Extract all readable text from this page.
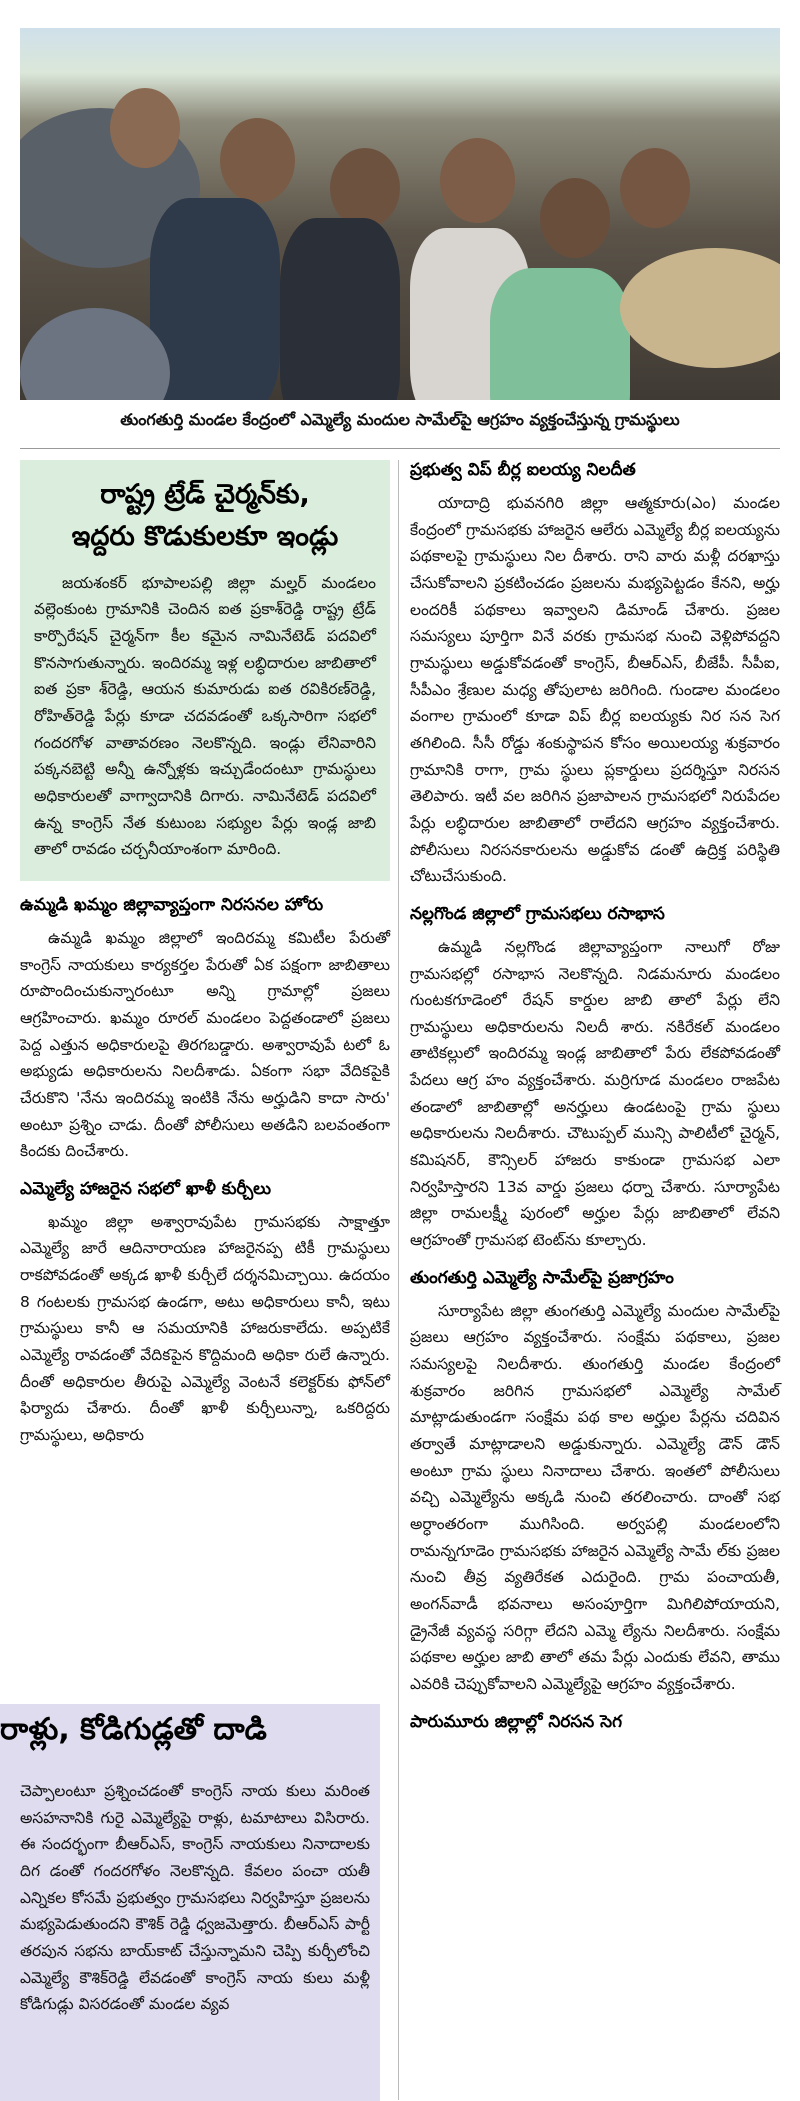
తుంగతుర్తి మండల కేంద్రంలో ఎమ్మెల్యే మందుల సామేల్‌పై ఆగ్రహం వ్యక్తంచేస్తున్న గ్రామస్థులు
రాష్ట్ర ట్రేడ్ చైర్మన్‌కు,
ఇద్దరు కొడుకులకూ ఇండ్లు

జయశంకర్ భూపాలపల్లి జిల్లా మల్హర్ మండలం వల్లెంకుంట గ్రామానికి చెందిన ఐత ప్రకాశ్‌రెడ్డి రాష్ట్ర ట్రేడ్ కార్పొరేషన్ చైర్మన్‌గా కీల కమైన నామినేటెడ్ పదవిలో కొనసాగుతున్నారు. ఇందిరమ్మ ఇళ్ల లబ్ధిదారుల జాబితాలో ఐత ప్రకా శ్‌రెడ్డి, ఆయన కుమారుడు ఐత రవికిరణ్‌రెడ్డి, రోహిత్‌రెడ్డి పేర్లు కూడా చదవడంతో ఒక్కసారిగా సభలో గందరగోళ వాతావరణం నెలకొన్నది. ఇండ్లు లేనివారిని పక్కనబెట్టి అన్నీ ఉన్నోళ్లకు ఇచ్చుడేందంటూ గ్రామస్థులు అధికారులతో వాగ్వాదానికి దిగారు. నామినేటెడ్ పదవిలో ఉన్న కాంగ్రెస్ నేత కుటుంబ సభ్యుల పేర్లు ఇండ్ల జాబి తాలో రావడం చర్చనీయాంశంగా మారింది.

ఉమ్మడి ఖమ్మం జిల్లావ్యాప్తంగా నిరసనల హోరు

ఉమ్మడి ఖమ్మం జిల్లాలో ఇందిరమ్మ కమిటీల పేరుతో కాంగ్రెస్ నాయకులు కార్యకర్తల పేరుతో ఏక పక్షంగా జాబితాలు రూపొందించుకున్నారంటూ అన్ని గ్రామాల్లో ప్రజలు ఆగ్రహించారు. ఖమ్మం రూరల్ మండలం పెద్దతండాలో ప్రజలు పెద్ద ఎత్తున అధికారులపై తిరగబడ్డారు. అశ్వారావుపే టలో ఓ అభ్యుడు అధికారులను నిలదీశాడు. ఏకంగా సభా వేదికపైకి చేరుకొని 'నేను ఇందిరమ్మ ఇంటికి నేను అర్హుడిని కాదా సారు' అంటూ ప్రశ్నిం చాడు. దీంతో పోలీసులు అతడిని బలవంతంగా కిందకు దించేశారు.

ఎమ్మెల్యే హాజరైన సభలో ఖాళీ కుర్చీలు

ఖమ్మం జిల్లా అశ్వారావుపేట గ్రామసభకు సాక్షాత్తూ ఎమ్మెల్యే జారే ఆదినారాయణ హాజరైనప్ప టికీ గ్రామస్థులు రాకపోవడంతో అక్కడ ఖాళీ కుర్చీలే దర్శనమిచ్చాయి. ఉదయం 8 గంటలకు గ్రామసభ ఉండగా, అటు అధికారులు కానీ, ఇటు గ్రామస్థులు కానీ ఆ సమయానికి హాజరుకాలేదు. అప్పటికే ఎమ్మెల్యే రావడంతో వేదికపైన కొద్దిమంది అధికా రులే ఉన్నారు. దీంతో అధికారుల తీరుపై ఎమ్మెల్యే వెంటనే కలెక్టర్‌కు ఫోన్‌లో ఫిర్యాదు చేశారు. దీంతో ఖాళీ కుర్చీలున్నా, ఒకరిద్దరు గ్రామస్థులు, అధికారు

రాళ్లు, కోడిగుడ్లతో దాడి

చెప్పాలంటూ ప్రశ్నించడంతో కాంగ్రెస్ నాయ కులు మరింత అసహనానికి గురై ఎమ్మెల్యేపై రాళ్లు, టమాటాలు విసిరారు. ఈ సందర్భంగా బీఆర్‌ఎస్, కాంగ్రెస్ నాయకులు నినాదాలకు దిగ డంతో గందరగోళం నెలకొన్నది. కేవలం పంచా యతీ ఎన్నికల కోసమే ప్రభుత్వం గ్రామసభలు నిర్వహిస్తూ ప్రజలను మభ్యపెడుతుందని కౌశిక్ రెడ్డి ధ్వజమెత్తారు. బీఆర్‌ఎస్ పార్టీ తరపున సభను బాయ్‌కాట్ చేస్తున్నామని చెప్పి కుర్చీలోంచి ఎమ్మెల్యే కౌశిక్‌రెడ్డి లేవడంతో కాంగ్రెస్ నాయ కులు మళ్లీ కోడిగుడ్లు విసరడంతో మండల వ్యవ

ప్రభుత్వ విప్ బీర్ల ఐలయ్య నిలదీత

యాదాద్రి భువనగిరి జిల్లా ఆత్మకూరు(ఎం) మండల కేంద్రంలో గ్రామసభకు హాజరైన ఆలేరు ఎమ్మెల్యే బీర్ల ఐలయ్యను పథకాలపై గ్రామస్థులు నిల దీశారు. రాని వారు మళ్లీ దరఖాస్తు చేసుకోవాలని ప్రకటించడం ప్రజలను మభ్యపెట్టడం కేనని, అర్హు లందరికీ పథకాలు ఇవ్వాలని డిమాండ్ చేశారు. ప్రజల సమస్యలు పూర్తిగా వినే వరకు గ్రామసభ నుంచి వెళ్లిపోవద్దని గ్రామస్థులు అడ్డుకోవడంతో కాంగ్రెస్, బీఆర్‌ఎస్, బీజేపీ. సీపీఐ, సీపీఎం శ్రేణుల మధ్య తోపులాట జరిగింది. గుండాల మండలం వంగాల గ్రామంలో కూడా విప్ బీర్ల ఐలయ్యకు నిర సన సెగ తగిలింది. సీసీ రోడ్డు శంకుస్థాపన కోసం అయిలయ్య శుక్రవారం గ్రామానికి రాగా, గ్రామ స్థులు ప్లకార్డులు ప్రదర్శిస్తూ నిరసన తెలిపారు. ఇటీ వల జరిగిన ప్రజాపాలన గ్రామసభలో నిరుపేదల పేర్లు లబ్ధిదారుల జాబితాలో రాలేదని ఆగ్రహం వ్యక్తంచేశారు. పోలీసులు నిరసనకారులను అడ్డుకోవ డంతో ఉద్రిక్త పరిస్థితి చోటుచేసుకుంది.

నల్లగొండ జిల్లాలో గ్రామసభలు రసాభాస

ఉమ్మడి నల్లగొండ జిల్లావ్యాప్తంగా నాలుగో రోజు గ్రామసభల్లో రసాభాస నెలకొన్నది. నిడమనూరు మండలం గుంటకగూడెంలో రేషన్ కార్డుల జాబి తాలో పేర్లు లేని గ్రామస్థులు అధికారులను నిలదీ శారు. నకిరేకల్ మండలం తాటికల్లులో ఇందిరమ్మ ఇండ్ల జాబితాలో పేరు లేకపోవడంతో పేదలు ఆగ్ర హం వ్యక్తంచేశారు. మర్రిగూడ మండలం రాజపేట తండాలో జాబితాల్లో అనర్హులు ఉండటంపై గ్రామ స్థులు అధికారులను నిలదీశారు. చౌటుప్పల్ మున్సి పాలిటీలో చైర్మన్, కమిషనర్, కౌన్సిలర్ హాజరు కాకుండా గ్రామసభ ఎలా నిర్వహిస్తారని 13వ వార్డు ప్రజలు ధర్నా చేశారు. సూర్యాపేట జిల్లా రామలక్ష్మీ పురంలో అర్హుల పేర్లు జాబితాలో లేవని ఆగ్రహంతో గ్రామసభ టెంట్‌ను కూల్చారు.

తుంగతుర్తి ఎమ్మెల్యే సామేల్‌పై ప్రజాగ్రహం

సూర్యాపేట జిల్లా తుంగతుర్తి ఎమ్మెల్యే మందుల సామేల్‌పై ప్రజలు ఆగ్రహం వ్యక్తంచేశారు. సంక్షేమ పథకాలు, ప్రజల సమస్యలపై నిలదీశారు. తుంగతుర్తి మండల కేంద్రంలో శుక్రవారం జరిగిన గ్రామసభలో ఎమ్మెల్యే సామేల్ మాట్లాడుతుండగా సంక్షేమ పథ కాల అర్హుల పేర్లను చదివిన తర్వాతే మాట్లాడాలని అడ్డుకున్నారు. ఎమ్మెల్యే డౌన్ డౌన్ అంటూ గ్రామ స్థులు నినాదాలు చేశారు. ఇంతలో పోలీసులు వచ్చి ఎమ్మెల్యేను అక్కడి నుంచి తరలించారు. దాంతో సభ అర్ధాంతరంగా ముగిసింది. అర్వపల్లి మండలంలోని రామన్నగూడెం గ్రామసభకు హాజరైన ఎమ్మెల్యే సామే ల్‌కు ప్రజల నుంచి తీవ్ర వ్యతిరేకత ఎదురైంది. గ్రామ పంచాయతీ, అంగన్‌వాడీ భవనాలు అసంపూర్తిగా మిగిలిపోయాయని, డ్రైనేజీ వ్యవస్థ సరిగ్గా లేదని ఎమ్మె ల్యేను నిలదీశారు. సంక్షేమ పథకాల అర్హుల జాబి తాలో తమ పేర్లు ఎందుకు లేవని, తాము ఎవరికి చెప్పుకోవాలని ఎమ్మెల్యేపై ఆగ్రహం వ్యక్తంచేశారు.

పారుమూరు జిల్లాల్లో నిరసన సెగ
